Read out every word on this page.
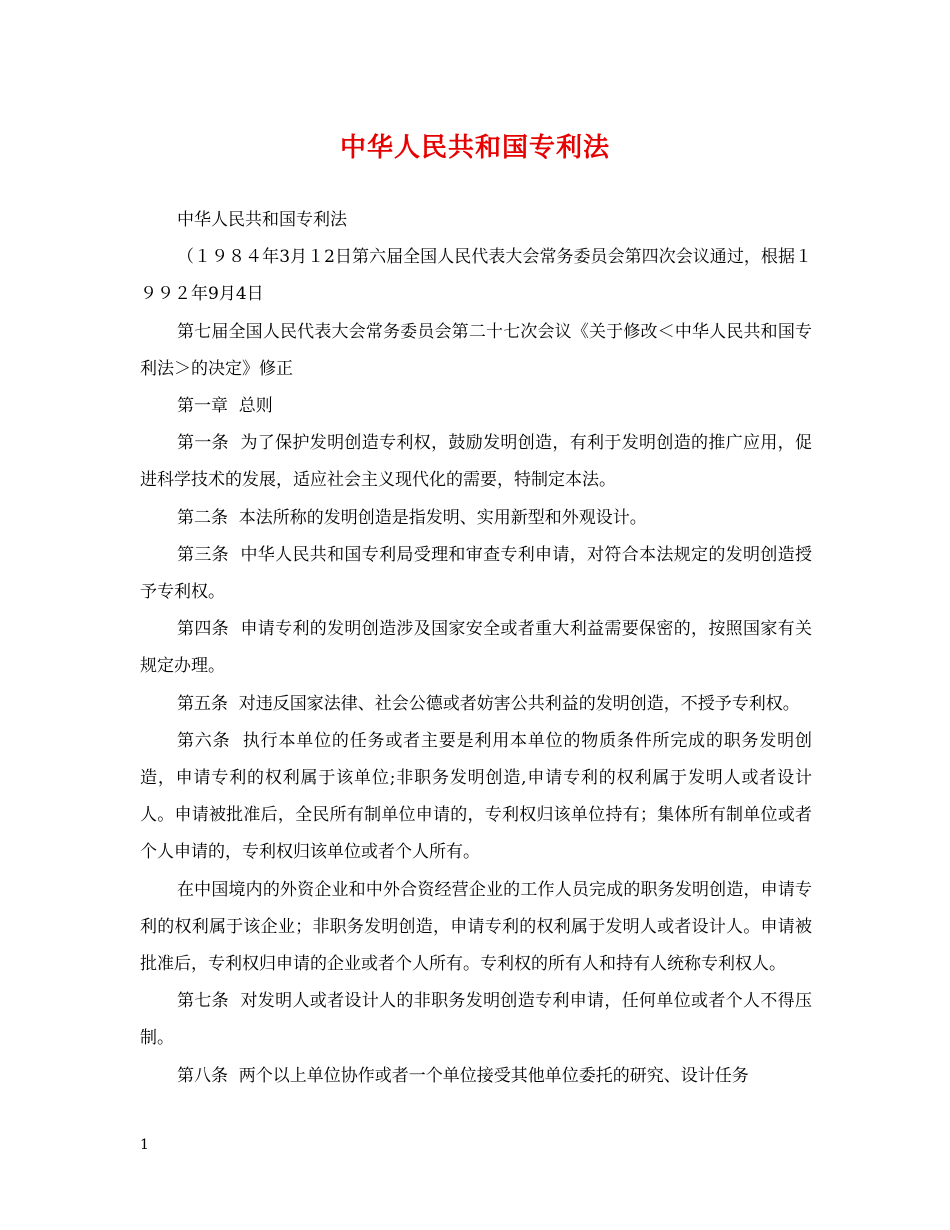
中华人民共和国专利法

中华人民共和国专利法

（１９８４年3月１2日第六届全国人民代表大会常务委员会第四次会议通过，根据１９９２年9月4日

第七届全国人民代表大会常务委员会第二十七次会议《关于修改＜中华人民共和国专利法＞的决定》修正

第一章  总则

第一条  为了保护发明创造专利权，鼓励发明创造，有利于发明创造的推广应用，促进科学技术的发展，适应社会主义现代化的需要，特制定本法。

第二条  本法所称的发明创造是指发明、实用新型和外观设计。

第三条  中华人民共和国专利局受理和审查专利申请，对符合本法规定的发明创造授予专利权。

第四条  申请专利的发明创造涉及国家安全或者重大利益需要保密的，按照国家有关规定办理。

第五条  对违反国家法律、社会公德或者妨害公共利益的发明创造，不授予专利权。

第六条  执行本单位的任务或者主要是利用本单位的物质条件所完成的职务发明创造，申请专利的权利属于该单位;非职务发明创造,申请专利的权利属于发明人或者设计人。申请被批准后，全民所有制单位申请的，专利权归该单位持有；集体所有制单位或者个人申请的，专利权归该单位或者个人所有。

在中国境内的外资企业和中外合资经营企业的工作人员完成的职务发明创造，申请专利的权利属于该企业；非职务发明创造，申请专利的权利属于发明人或者设计人。申请被批准后，专利权归申请的企业或者个人所有。专利权的所有人和持有人统称专利权人。

第七条  对发明人或者设计人的非职务发明创造专利申请，任何单位或者个人不得压制。

第八条  两个以上单位协作或者一个单位接受其他单位委托的研究、设计任务

1
